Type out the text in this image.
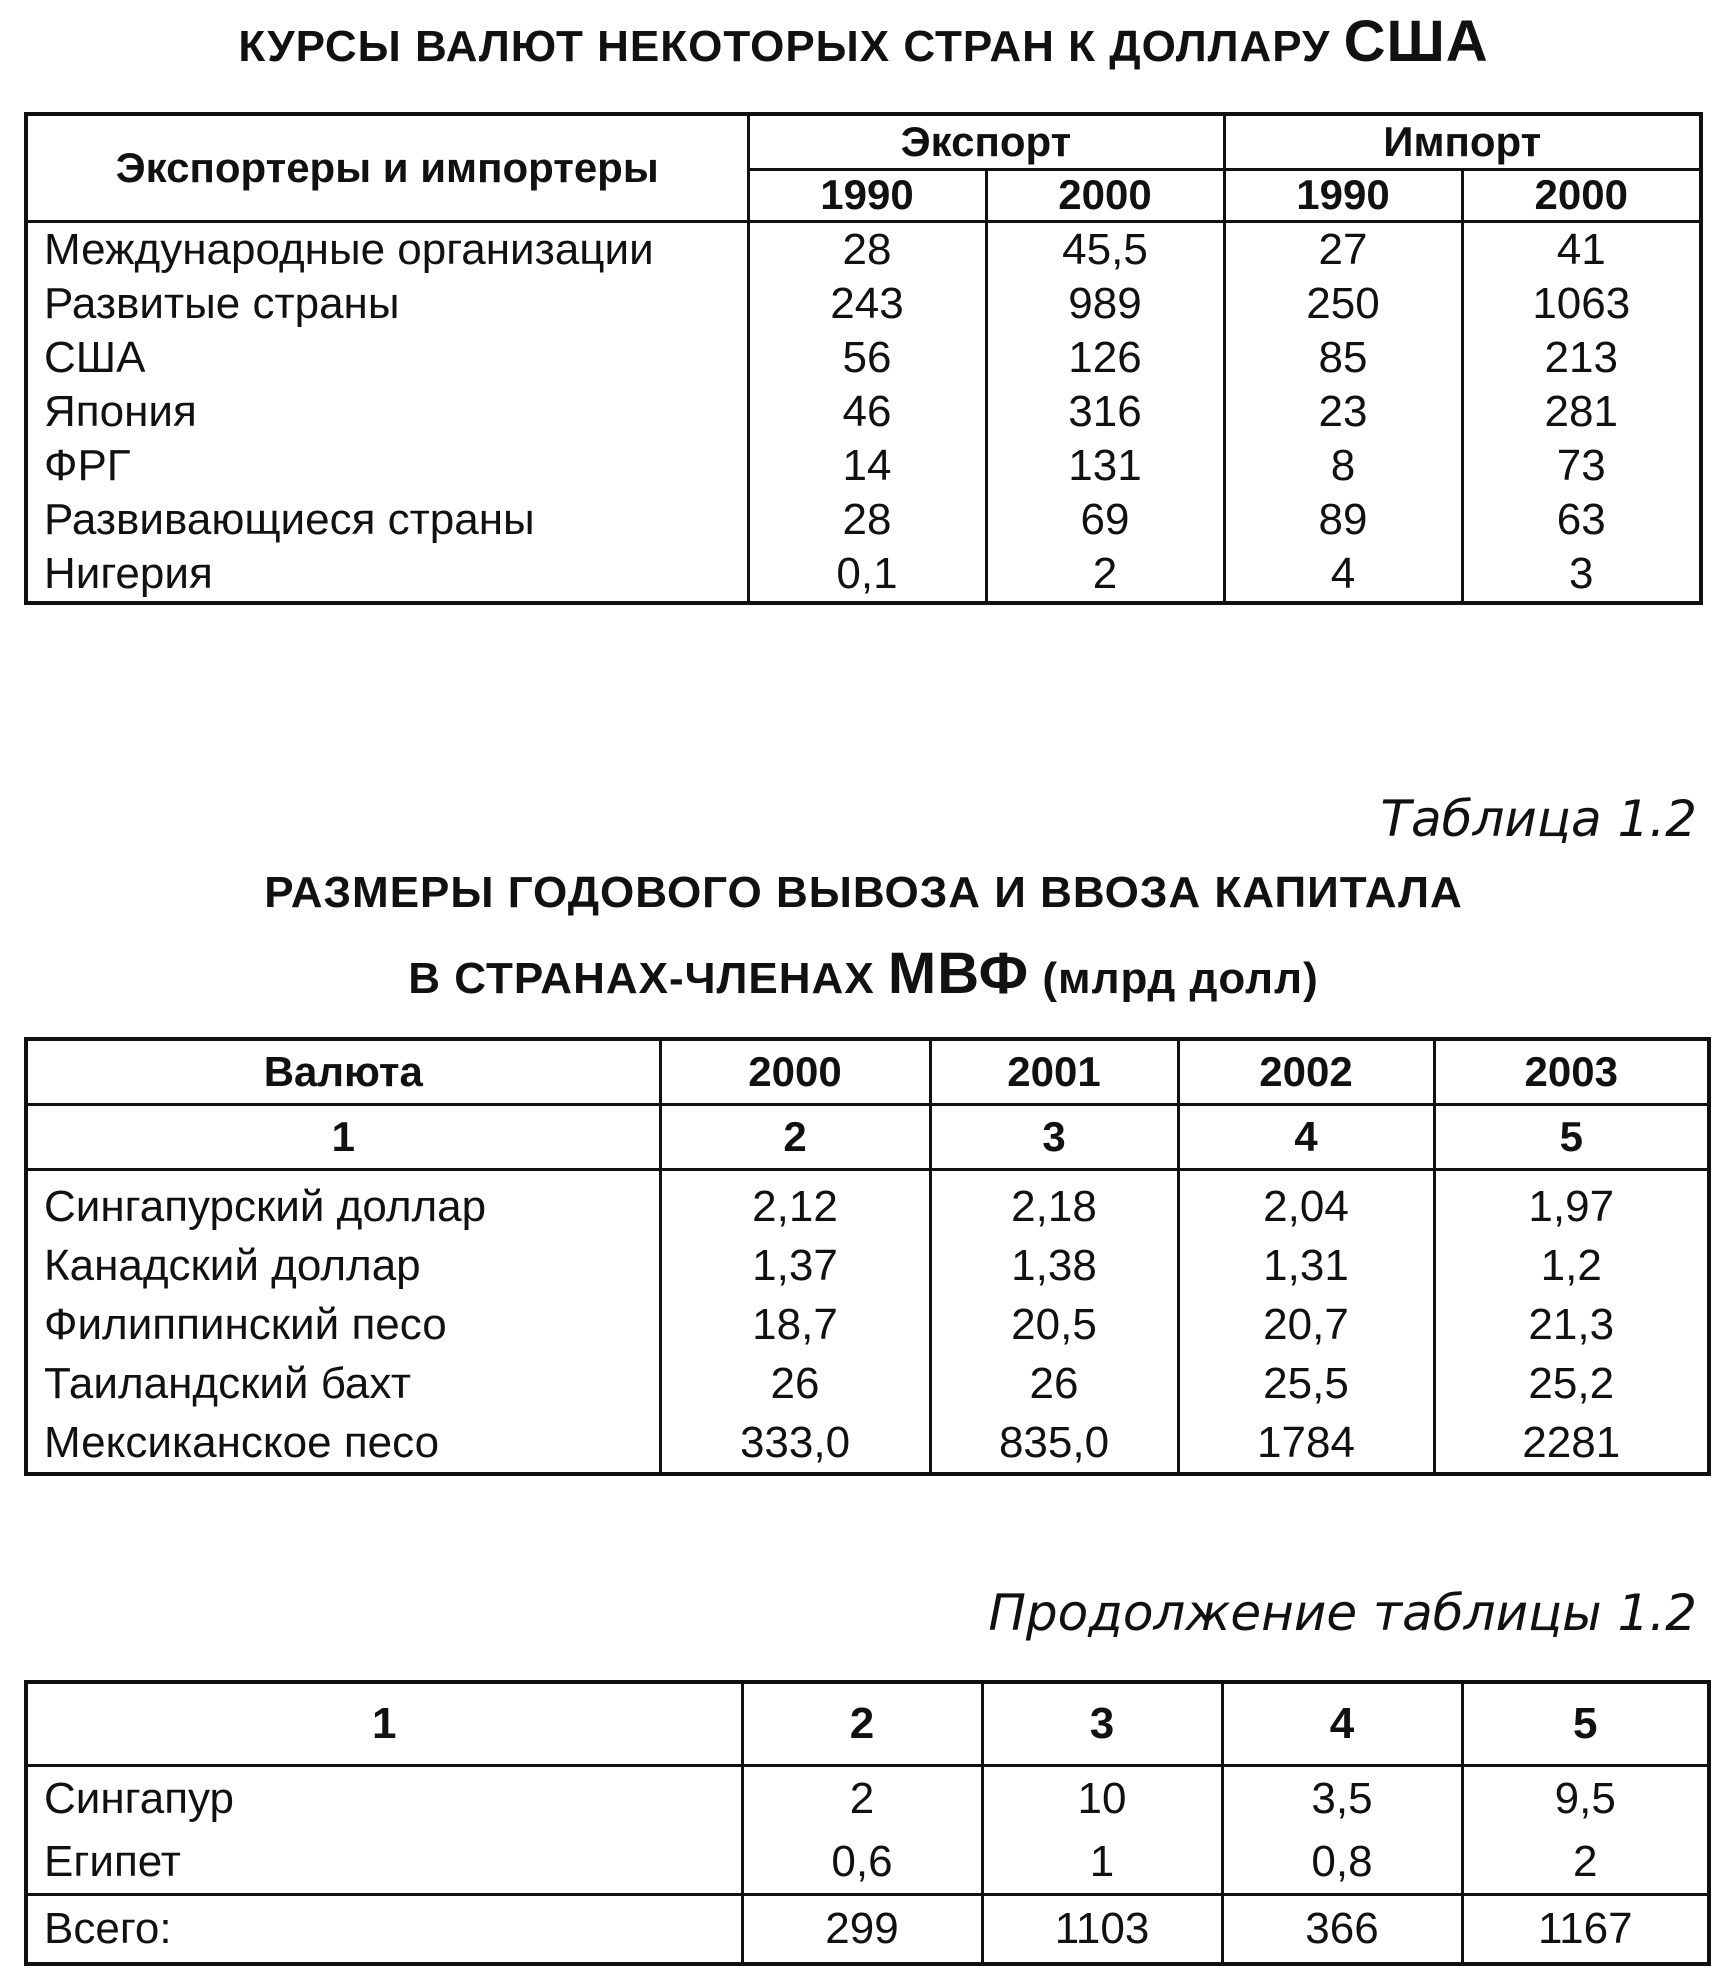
КУРСЫ ВАЛЮТ НЕКОТОРЫХ СТРАН К ДОЛЛАРУ США
Экспортеры и импортеры	Экспорт		Импорт	
	1990	2000	1990	2000
Международные организации	28	45,5	27	41
Развитые страны	243	989	250	1063
США	56	126	85	213
Япония	46	316	23	281
ФРГ	14	131	8	73
Развивающиеся страны	28	69	89	63
Нигерия	0,1	2	4	3
Таблица 1.2
РАЗМЕРЫ ГОДОВОГО ВЫВОЗА И ВВОЗА КАПИТАЛА
В СТРАНАХ-ЧЛЕНАХ МВФ (млрд долл)
Валюта	2000	2001	2002	2003
1	2	3	4	5
Сингапурский доллар	2,12	2,18	2,04	1,97
Канадский доллар	1,37	1,38	1,31	1,2
Филиппинский песо	18,7	20,5	20,7	21,3
Таиландский бахт	26	26	25,5	25,2
Мексиканское песо	333,0	835,0	1784	2281
Продолжение таблицы 1.2
1	2	3	4	5
Сингапур	2	10	3,5	9,5
Египет	0,6	1	0,8	2
Всего:	299	1103	366	1167
